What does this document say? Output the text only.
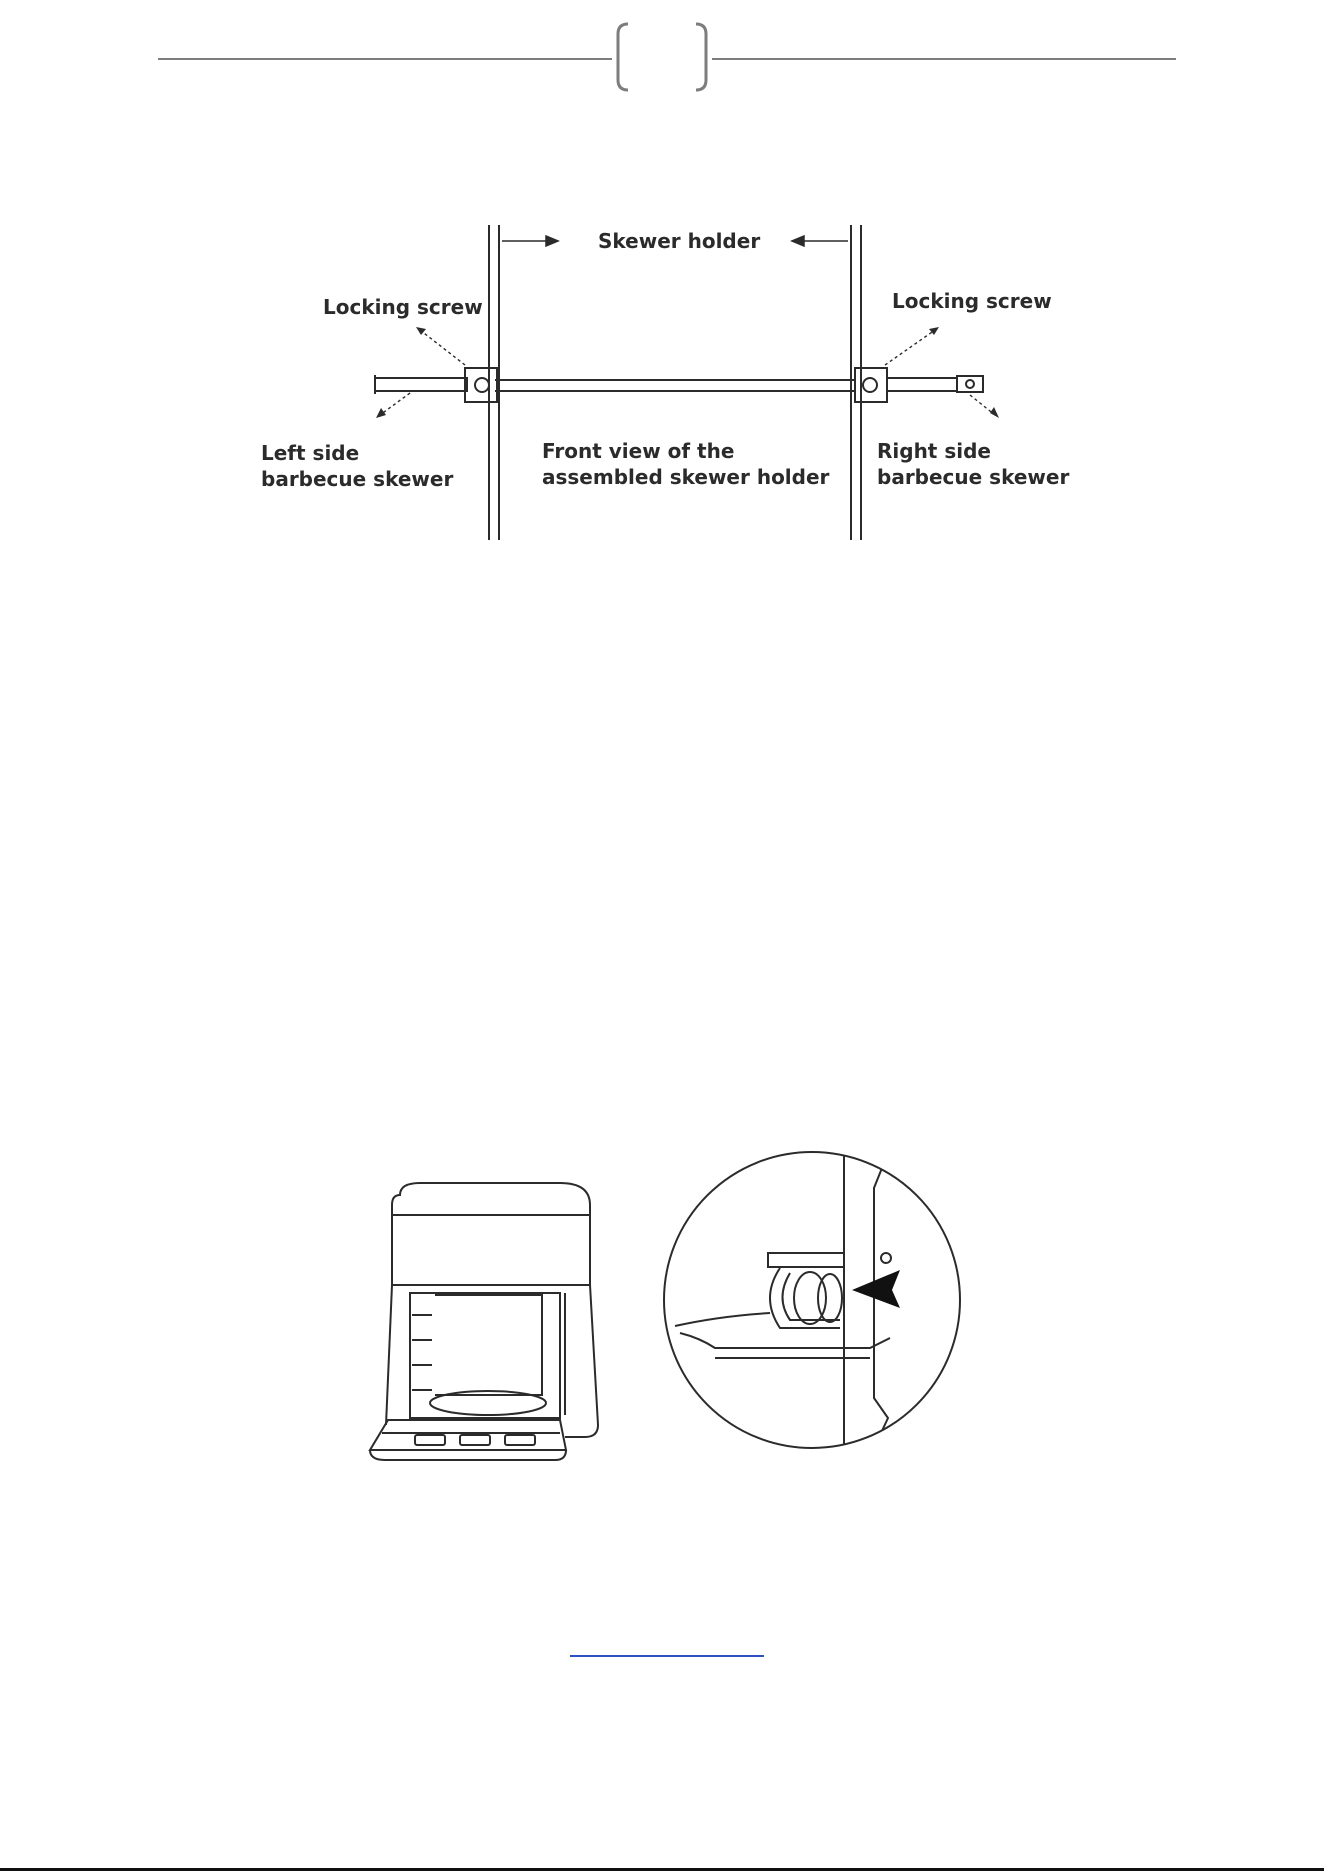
Skewer holder
Locking screw	Locking screw
Left side
barbecue skewer
Front view of the
assembled skewer holder
Right side
barbecue skewer
